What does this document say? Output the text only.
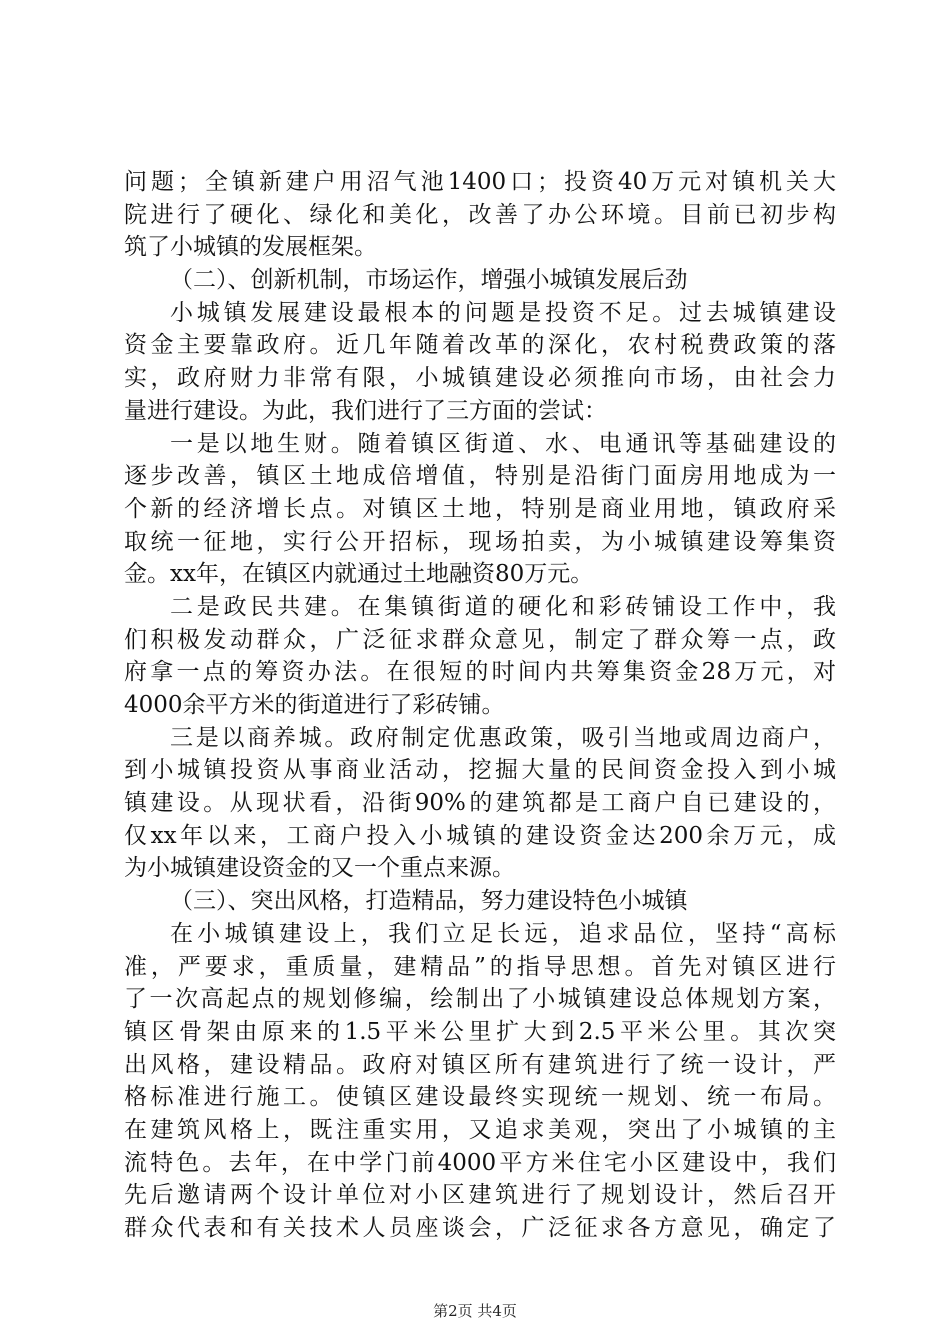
问题；全镇新建户用沼气池1400口；投资40万元对镇机关大
院进行了硬化、绿化和美化，改善了办公环境。目前已初步构
筑了小城镇的发展框架。
（二）、创新机制，市场运作，增强小城镇发展后劲
小城镇发展建设最根本的问题是投资不足。过去城镇建设
资金主要靠政府。近几年随着改革的深化，农村税费政策的落
实，政府财力非常有限，小城镇建设必须推向市场，由社会力
量进行建设。为此，我们进行了三方面的尝试：
一是以地生财。随着镇区街道、水、电通讯等基础建设的
逐步改善，镇区土地成倍增值，特别是沿街门面房用地成为一
个新的经济增长点。对镇区土地，特别是商业用地，镇政府采
取统一征地，实行公开招标，现场拍卖，为小城镇建设筹集资
金。xx年，在镇区内就通过土地融资80万元。
二是政民共建。在集镇街道的硬化和彩砖铺设工作中，我
们积极发动群众，广泛征求群众意见，制定了群众筹一点，政
府拿一点的筹资办法。在很短的时间内共筹集资金28万元，对
4000余平方米的街道进行了彩砖铺。
三是以商养城。政府制定优惠政策，吸引当地或周边商户，
到小城镇投资从事商业活动，挖掘大量的民间资金投入到小城
镇建设。从现状看，沿街90%的建筑都是工商户自已建设的，
仅xx年以来，工商户投入小城镇的建设资金达200余万元，成
为小城镇建设资金的又一个重点来源。
（三）、突出风格，打造精品，努力建设特色小城镇
在小城镇建设上，我们立足长远，追求品位，坚持“高标
准，严要求，重质量，建精品”的指导思想。首先对镇区进行
了一次高起点的规划修编，绘制出了小城镇建设总体规划方案，
镇区骨架由原来的1.5平米公里扩大到2.5平米公里。其次突
出风格，建设精品。政府对镇区所有建筑进行了统一设计，严
格标准进行施工。使镇区建设最终实现统一规划、统一布局。
在建筑风格上，既注重实用，又追求美观，突出了小城镇的主
流特色。去年，在中学门前4000平方米住宅小区建设中，我们
先后邀请两个设计单位对小区建筑进行了规划设计，然后召开
群众代表和有关技术人员座谈会，广泛征求各方意见，确定了
第2页 共4页
